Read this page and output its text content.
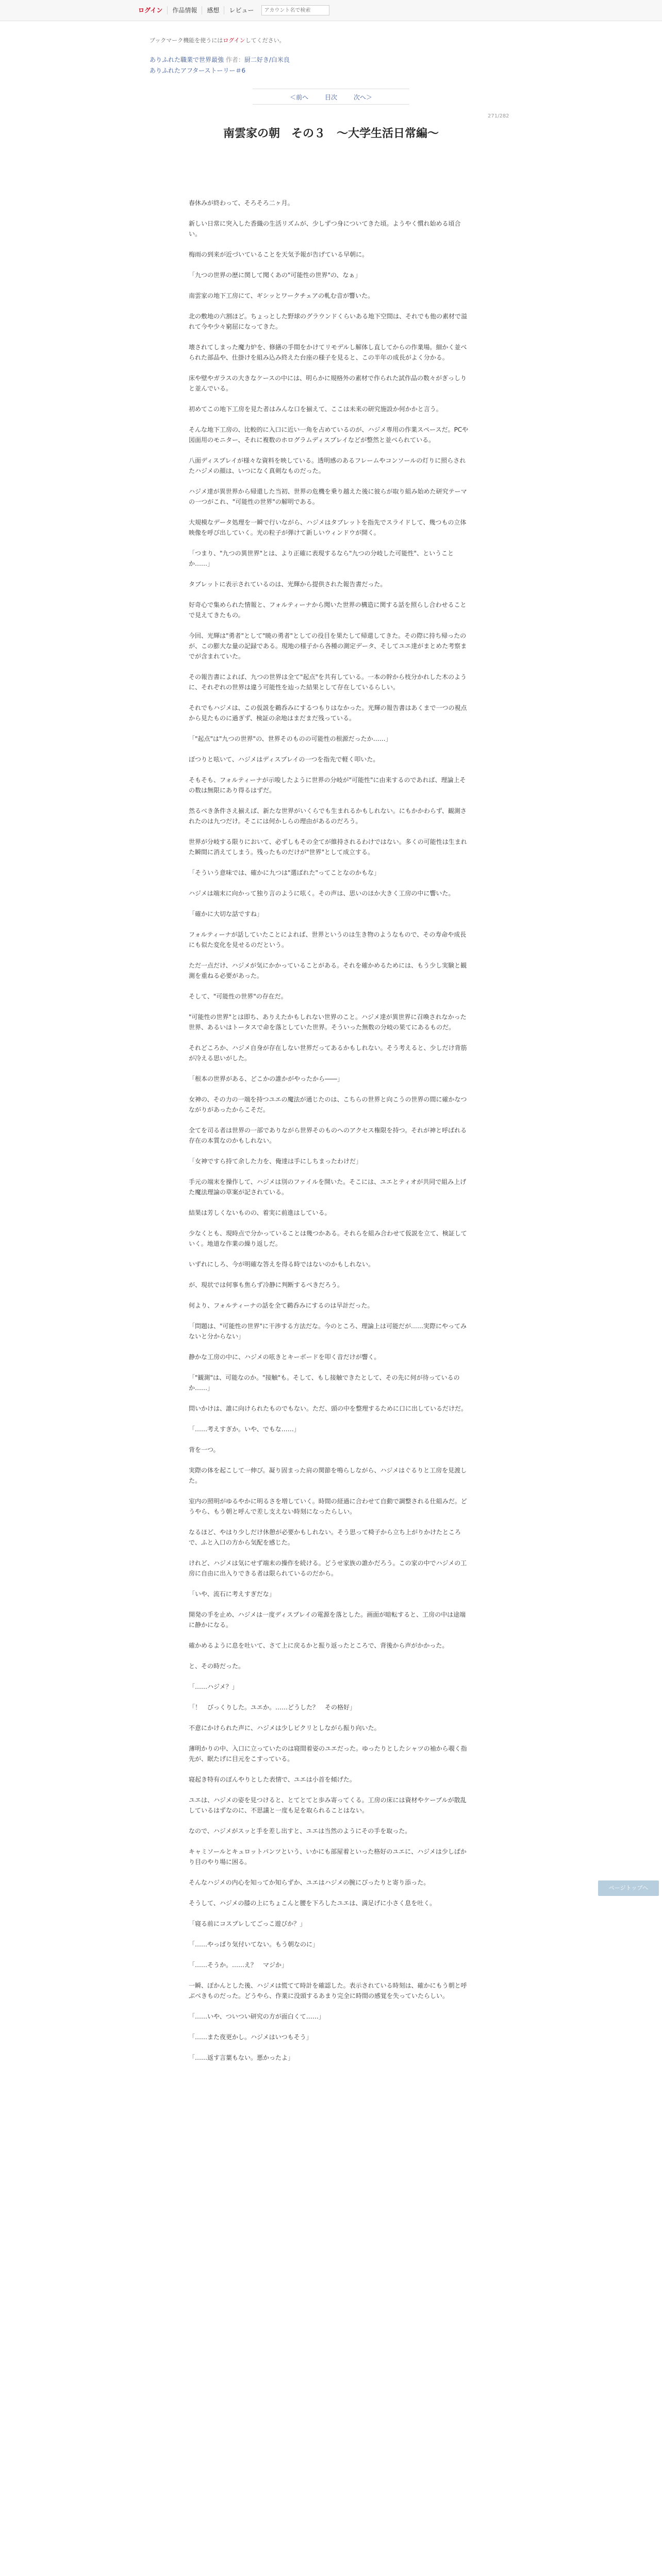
ログイン	作品情報	感想	レビュー
アカウント名で検索
ブックマーク機能を使うにはログインしてください。
ありふれた職業で世界最強 作者：厨二好き/白米良
ありふれたアフターストーリー＃6
＜前へ	目次	次へ＞
271/282
南雲家の朝　その３　～大学生活日常編～

春休みが終わって、そろそろ二ヶ月。

新しい日常に突入した香織の生活リズムが、少しずつ身についてきた頃。ようやく慣れ始める頃合い。

梅雨の到来が近づいていることを天気予報が告げている早朝に。

「九つの世界の歴に関して聞くあの"可能性の世界"の、なぁ」

南雲家の地下工房にて、ギシッとワークチェアの軋む音が響いた。

北の敷地の六割ほど。ちょっとした野球のグラウンドくらいある地下空間は、それでも他の素材で溢れて今や少々窮屈になってきた。

壊されてしまった魔力炉を、修繕の手間をかけてリモデルし解体し直してからの作業場。細かく並べられた部品や、仕掛けを組み込み終えた台座の様子を見ると、この半年の成長がよく分かる。

床や壁やガラスの大きなケースの中には、明らかに規格外の素材で作られた試作品の数々がぎっしりと並んでいる。

初めてこの地下工房を見た者はみんな口を揃えて、ここは未来の研究施設か何かかと言う。

そんな地下工房の、比較的に入口に近い一角を占めているのが、ハジメ専用の作業スペースだ。PCや図面用のモニター、それに複数のホログラムディスプレイなどが整然と並べられている。

八面ディスプレイが様々な資料を映している。透明感のあるフレームやコンソールの灯りに照らされたハジメの顔は、いつになく真剣なものだった。

ハジメ達が異世界から帰還した当初、世界の危機を乗り越えた後に彼らが取り組み始めた研究テーマの一つがこれ、"可能性の世界"の解明である。

大規模なデータ処理を一瞬で行いながら、ハジメはタブレットを指先でスライドして、幾つもの立体映像を呼び出していく。光の粒子が弾けて新しいウィンドウが開く。

「つまり、"九つの異世界"とは、より正確に表現するなら"九つの分岐した可能性"、ということか……」

タブレットに表示されているのは、光輝から提供された報告書だった。

好奇心で集められた情報と、フォルティーナから聞いた世界の構造に関する話を照らし合わせることで見えてきたもの。

今回、光輝は"勇者"として"暁の勇者"としての役目を果たして帰還してきた。その際に持ち帰ったのが、この膨大な量の記録である。現地の様子から各種の測定データ、そしてユエ達がまとめた考察までが含まれていた。

その報告書によれば、九つの世界は全て"起点"を共有している。一本の幹から枝分かれした木のように、それぞれの世界は違う可能性を辿った結果として存在しているらしい。

それでもハジメは、この仮説を鵜呑みにするつもりはなかった。光輝の報告書はあくまで一つの視点から見たものに過ぎず、検証の余地はまだまだ残っている。

「"起点"は"九つの世界"の、世界そのものの可能性の根源だったか……」

ぽつりと呟いて、ハジメはディスプレイの一つを指先で軽く叩いた。

そもそも、フォルティーナが示唆したように世界の分岐が"可能性"に由来するのであれば、理論上その数は無限にあり得るはずだ。

然るべき条件さえ揃えば、新たな世界がいくらでも生まれるかもしれない。にもかかわらず、観測されたのは九つだけ。そこには何かしらの理由があるのだろう。

世界が分岐する限りにおいて、必ずしもその全てが維持されるわけではない。多くの可能性は生まれた瞬間に消えてしまう。残ったものだけが"世界"として成立する。

「そういう意味では、確かに九つは"選ばれた"ってことなのかもな」

ハジメは端末に向かって独り言のように呟く。その声は、思いのほか大きく工房の中に響いた。

「確かに大切な話ですね」

フォルティーナが話していたことによれば、世界というのは生き物のようなもので、その寿命や成長にも似た変化を見せるのだという。

ただ一点だけ、ハジメが気にかかっていることがある。それを確かめるためには、もう少し実験と観測を重ねる必要があった。

そして、"可能性の世界"の存在だ。

"可能性の世界"とは即ち、ありえたかもしれない世界のこと。ハジメ達が異世界に召喚されなかった世界、あるいはトータスで命を落としていた世界。そういった無数の分岐の果てにあるものだ。

それどころか、ハジメ自身が存在しない世界だってあるかもしれない。そう考えると、少しだけ背筋が冷える思いがした。

「根本の世界がある、どこかの誰かがやったから――」

女神の、その力の一端を持つユエの魔法が通じたのは、こちらの世界と向こうの世界の間に確かなつながりがあったからこそだ。

全てを司る者は世界の一部でありながら世界そのものへのアクセス権限を持つ。それが神と呼ばれる存在の本質なのかもしれない。

「女神ですら持て余した力を、俺達は手にしちまったわけだ」

手元の端末を操作して、ハジメは別のファイルを開いた。そこには、ユエとティオが共同で組み上げた魔法理論の草案が記されている。

結果は芳しくないものの、着実に前進はしている。

少なくとも、現時点で分かっていることは幾つかある。それらを組み合わせて仮説を立て、検証していく。地道な作業の繰り返しだ。

いずれにしろ、今が明確な答えを得る時ではないのかもしれない。

が、現状では何事も焦らず冷静に判断するべきだろう。

何より、フォルティーナの話を全て鵜呑みにするのは早計だった。

「問題は、"可能性の世界"に干渉する方法だな。今のところ、理論上は可能だが……実際にやってみないと分からない」

静かな工房の中に、ハジメの呟きとキーボードを叩く音だけが響く。

「"観測"は、可能なのか。"接触"も。そして、もし接触できたとして、その先に何が待っているのか……」

問いかけは、誰に向けられたものでもない。ただ、頭の中を整理するために口に出しているだけだ。

「……考えすぎか。いや、でもな……」

背を一つ。

実際の体を起こして一伸び。凝り固まった肩の関節を鳴らしながら、ハジメはぐるりと工房を見渡した。

室内の照明がゆるやかに明るさを増していく。時間の経過に合わせて自動で調整される仕組みだ。どうやら、もう朝と呼んで差し支えない時刻になったらしい。

なるほど、やはり少しだけ休憩が必要かもしれない。そう思って椅子から立ち上がりかけたところで、ふと入口の方から気配を感じた。

けれど、ハジメは気にせず端末の操作を続ける。どうせ家族の誰かだろう。この家の中でハジメの工房に自由に出入りできる者は限られているのだから。

「いや、流石に考えすぎだな」

開発の手を止め、ハジメは一度ディスプレイの電源を落とした。画面が暗転すると、工房の中は途端に静かになる。

確かめるように息を吐いて、さて上に戻るかと振り返ったところで、背後から声がかかった。

と、その時だった。

「……ハジメ？」

「！　びっくりした。ユエか。……どうした？　その格好」

不意にかけられた声に、ハジメは少しビクリとしながら振り向いた。

薄明かりの中、入口に立っていたのは寝間着姿のユエだった。ゆったりとしたシャツの袖から覗く指先が、眠たげに目元をこすっている。

寝起き特有のぼんやりとした表情で、ユエは小首を傾げた。

ユエは、ハジメの姿を見つけると、とてとてと歩み寄ってくる。工房の床には資材やケーブルが散乱しているはずなのに、不思議と一度も足を取られることはない。

なので、ハジメがスッと手を差し出すと、ユエは当然のようにその手を取った。

キャミソールとキュロットパンツという、いかにも部屋着といった格好のユエに、ハジメは少しばかり目のやり場に困る。

そんなハジメの内心を知ってか知らずか、ユエはハジメの腕にぴったりと寄り添った。

そうして、ハジメの膝の上にちょこんと腰を下ろしたユエは、満足げに小さく息を吐く。

「寝る前にコスプレしてごっこ遊びか？」

「……やっぱり気付いてない。もう朝なのに」

「……そうか。……え？　マジか」

一瞬、ぽかんとした後、ハジメは慌てて時計を確認した。表示されている時刻は、確かにもう朝と呼ぶべきものだった。どうやら、作業に没頭するあまり完全に時間の感覚を失っていたらしい。

「……いや、ついつい研究の方が面白くて……」

「……また夜更かし。ハジメはいつもそう」

「……返す言葉もない。悪かったよ」

ページトップへ
